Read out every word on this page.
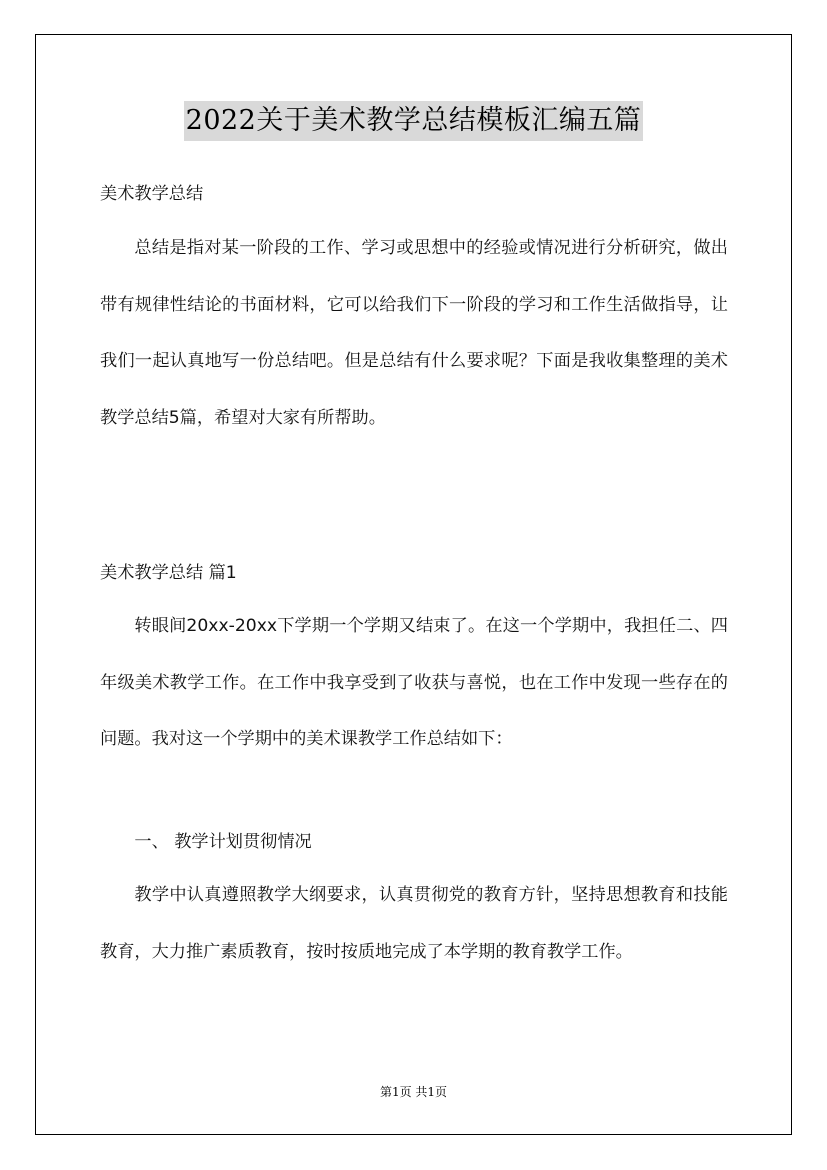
2022关于美术教学总结模板汇编五篇

美术教学总结

总结是指对某一阶段的工作、学习或思想中的经验或情况进行分析研究，做出带有规律性结论的书面材料，它可以给我们下一阶段的学习和工作生活做指导，让我们一起认真地写一份总结吧。但是总结有什么要求呢？下面是我收集整理的美术教学总结5篇，希望对大家有所帮助。

美术教学总结 篇1

转眼间20xx-20xx下学期一个学期又结束了。在这一个学期中，我担任二、四年级美术教学工作。在工作中我享受到了收获与喜悦，也在工作中发现一些存在的问题。我对这一个学期中的美术课教学工作总结如下：

一、 教学计划贯彻情况

教学中认真遵照教学大纲要求，认真贯彻党的教育方针，坚持思想教育和技能教育，大力推广素质教育，按时按质地完成了本学期的教育教学工作。

第1页 共1页
